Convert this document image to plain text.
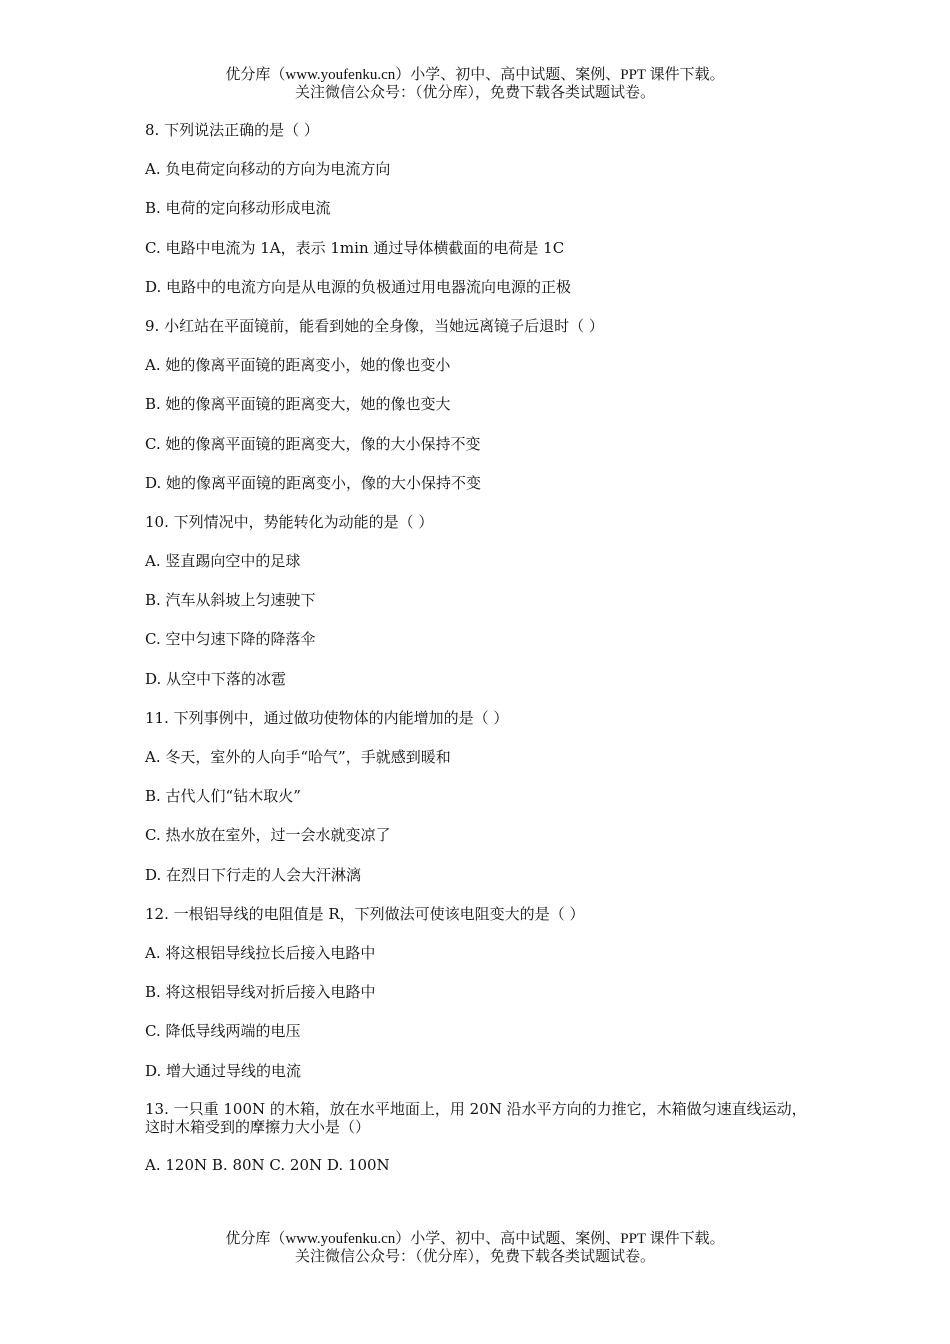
优分库（www.youfenku.cn）小学、初中、高中试题、案例、PPT 课件下载。
关注微信公众号：（优分库），免费下载各类试题试卷。
8. 下列说法正确的是（ ）
A. 负电荷定向移动的方向为电流方向
B. 电荷的定向移动形成电流
C. 电路中电流为 1A，表示 1min 通过导体横截面的电荷是 1C
D. 电路中的电流方向是从电源的负极通过用电器流向电源的正极
9. 小红站在平面镜前，能看到她的全身像，当她远离镜子后退时（ ）
A. 她的像离平面镜的距离变小，她的像也变小
B. 她的像离平面镜的距离变大，她的像也变大
C. 她的像离平面镜的距离变大，像的大小保持不变
D. 她的像离平面镜的距离变小，像的大小保持不变
10. 下列情况中，势能转化为动能的是（ ）
A. 竖直踢向空中的足球
B. 汽车从斜坡上匀速驶下
C. 空中匀速下降的降落伞
D. 从空中下落的冰雹
11. 下列事例中，通过做功使物体的内能增加的是（ ）
A. 冬天，室外的人向手“哈气”，手就感到暖和
B. 古代人们“钻木取火”
C. 热水放在室外，过一会水就变凉了
D. 在烈日下行走的人会大汗淋漓
12. 一根铝导线的电阻值是 R，下列做法可使该电阻变大的是（ ）
A. 将这根铝导线拉长后接入电路中
B. 将这根铝导线对折后接入电路中
C. 降低导线两端的电压
D. 增大通过导线的电流
13. 一只重 100N 的木箱，放在水平地面上，用 20N 沿水平方向的力推它，木箱做匀速直线运动，这时木箱受到的摩擦力大小是（）
A. 120N B. 80N C. 20N D. 100N
优分库（www.youfenku.cn）小学、初中、高中试题、案例、PPT 课件下载。
关注微信公众号：（优分库），免费下载各类试题试卷。
